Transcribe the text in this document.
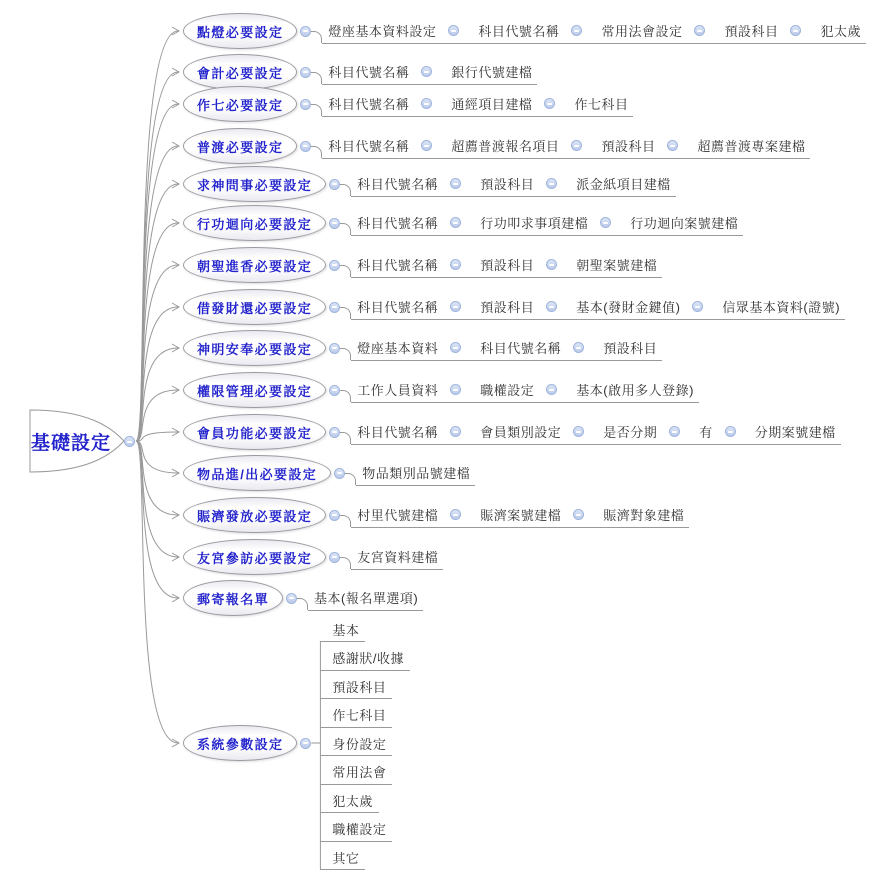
基礎設定
點燈必要設定	燈座基本資料設定	科目代號名稱	常用法會設定	預設科目	犯太歲
會計必要設定	科目代號名稱	銀行代號建檔
作七必要設定	科目代號名稱	通經項目建檔	作七科目
普渡必要設定	科目代號名稱	超薦普渡報名項目	預設科目	超薦普渡專案建檔
求神問事必要設定	科目代號名稱	預設科目	派金紙項目建檔
行功迴向必要設定	科目代號名稱	行功叩求事項建檔	行功迴向案號建檔
朝聖進香必要設定	科目代號名稱	預設科目	朝聖案號建檔
借發財還必要設定	科目代號名稱	預設科目	基本(發財金鍵值)	信眾基本資料(證號)
神明安奉必要設定	燈座基本資料	科目代號名稱	預設科目
權限管理必要設定	工作人員資料	職權設定	基本(啟用多人登錄)
會員功能必要設定	科目代號名稱	會員類別設定	是否分期	有	分期案號建檔
物品進/出必要設定	物品類別品號建檔
賑濟發放必要設定	村里代號建檔	賑濟案號建檔	賑濟對象建檔
友宮參訪必要設定	友宮資料建檔
郵寄報名單	基本(報名單選項)
系統參數設定
基本
感謝狀/收據
預設科目
作七科目
身份設定
常用法會
犯太歲
職權設定
其它
